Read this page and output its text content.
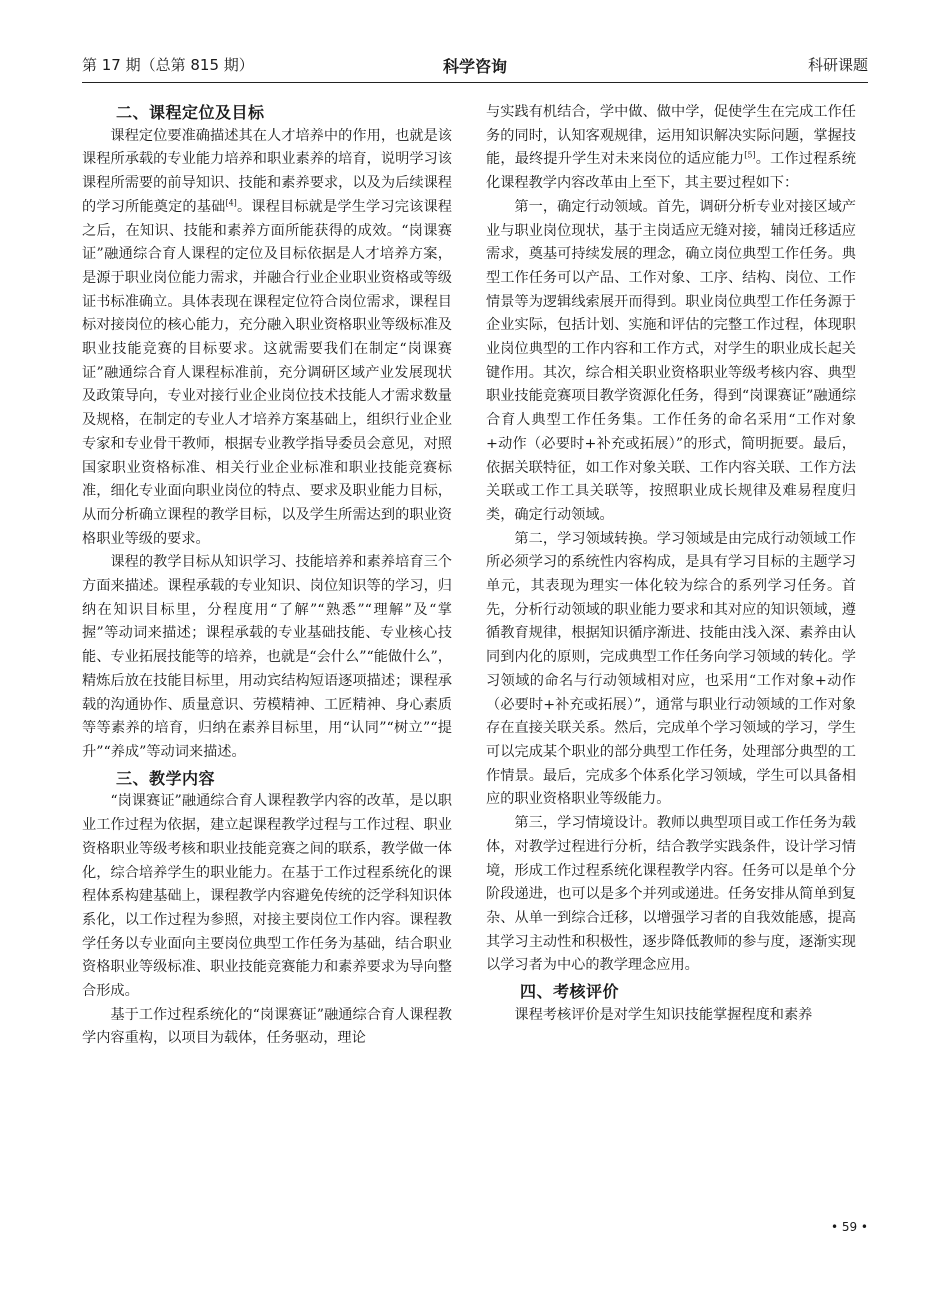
第 17 期（总第 815 期）	科学咨询	科研课题
二、课程定位及目标

课程定位要准确描述其在人才培养中的作用，也就是该课程所承载的专业能力培养和职业素养的培育，说明学习该课程所需要的前导知识、技能和素养要求，以及为后续课程的学习所能奠定的基础[4]。课程目标就是学生学习完该课程之后，在知识、技能和素养方面所能获得的成效。“岗课赛证”融通综合育人课程的定位及目标依据是人才培养方案，是源于职业岗位能力需求，并融合行业企业职业资格或等级证书标准确立。具体表现在课程定位符合岗位需求，课程目标对接岗位的核心能力，充分融入职业资格职业等级标准及职业技能竞赛的目标要求。这就需要我们在制定“岗课赛证”融通综合育人课程标准前，充分调研区域产业发展现状及政策导向，专业对接行业企业岗位技术技能人才需求数量及规格，在制定的专业人才培养方案基础上，组织行业企业专家和专业骨干教师，根据专业教学指导委员会意见，对照国家职业资格标准、相关行业企业标准和职业技能竞赛标准，细化专业面向职业岗位的特点、要求及职业能力目标，从而分析确立课程的教学目标，以及学生所需达到的职业资格职业等级的要求。

课程的教学目标从知识学习、技能培养和素养培育三个方面来描述。课程承载的专业知识、岗位知识等的学习，归纳在知识目标里，分程度用“了解”“熟悉”“理解”及“掌握”等动词来描述；课程承载的专业基础技能、专业核心技能、专业拓展技能等的培养，也就是“会什么”“能做什么”，精炼后放在技能目标里，用动宾结构短语逐项描述；课程承载的沟通协作、质量意识、劳模精神、工匠精神、身心素质等等素养的培育，归纳在素养目标里，用“认同”“树立”“提升”“养成”等动词来描述。

三、教学内容

“岗课赛证”融通综合育人课程教学内容的改革，是以职业工作过程为依据，建立起课程教学过程与工作过程、职业资格职业等级考核和职业技能竞赛之间的联系，教学做一体化，综合培养学生的职业能力。在基于工作过程系统化的课程体系构建基础上，课程教学内容避免传统的泛学科知识体系化，以工作过程为参照，对接主要岗位工作内容。课程教学任务以专业面向主要岗位典型工作任务为基础，结合职业资格职业等级标准、职业技能竞赛能力和素养要求为导向整合形成。

基于工作过程系统化的“岗课赛证”融通综合育人课程教学内容重构，以项目为载体，任务驱动，理论

与实践有机结合，学中做、做中学，促使学生在完成工作任务的同时，认知客观规律，运用知识解决实际问题，掌握技能，最终提升学生对未来岗位的适应能力[5]。工作过程系统化课程教学内容改革由上至下，其主要过程如下：

第一，确定行动领域。首先，调研分析专业对接区域产业与职业岗位现状，基于主岗适应无缝对接，辅岗迁移适应需求，奠基可持续发展的理念，确立岗位典型工作任务。典型工作任务可以产品、工作对象、工序、结构、岗位、工作情景等为逻辑线索展开而得到。职业岗位典型工作任务源于企业实际，包括计划、实施和评估的完整工作过程，体现职业岗位典型的工作内容和工作方式，对学生的职业成长起关键作用。其次，综合相关职业资格职业等级考核内容、典型职业技能竞赛项目教学资源化任务，得到“岗课赛证”融通综合育人典型工作任务集。工作任务的命名采用“工作对象+动作（必要时+补充或拓展）”的形式，简明扼要。最后，依据关联特征，如工作对象关联、工作内容关联、工作方法关联或工作工具关联等，按照职业成长规律及难易程度归类，确定行动领域。

第二，学习领域转换。学习领域是由完成行动领域工作所必须学习的系统性内容构成，是具有学习目标的主题学习单元，其表现为理实一体化较为综合的系列学习任务。首先，分析行动领域的职业能力要求和其对应的知识领域，遵循教育规律，根据知识循序渐进、技能由浅入深、素养由认同到内化的原则，完成典型工作任务向学习领域的转化。学习领域的命名与行动领域相对应，也采用“工作对象+动作（必要时+补充或拓展）”，通常与职业行动领域的工作对象存在直接关联关系。然后，完成单个学习领域的学习，学生可以完成某个职业的部分典型工作任务，处理部分典型的工作情景。最后，完成多个体系化学习领域，学生可以具备相应的职业资格职业等级能力。

第三，学习情境设计。教师以典型项目或工作任务为载体，对教学过程进行分析，结合教学实践条件，设计学习情境，形成工作过程系统化课程教学内容。任务可以是单个分阶段递进，也可以是多个并列或递进。任务安排从简单到复杂、从单一到综合迁移，以增强学习者的自我效能感，提高其学习主动性和积极性，逐步降低教师的参与度，逐渐实现以学习者为中心的教学理念应用。

四、考核评价

课程考核评价是对学生知识技能掌握程度和素养

• 59 •
